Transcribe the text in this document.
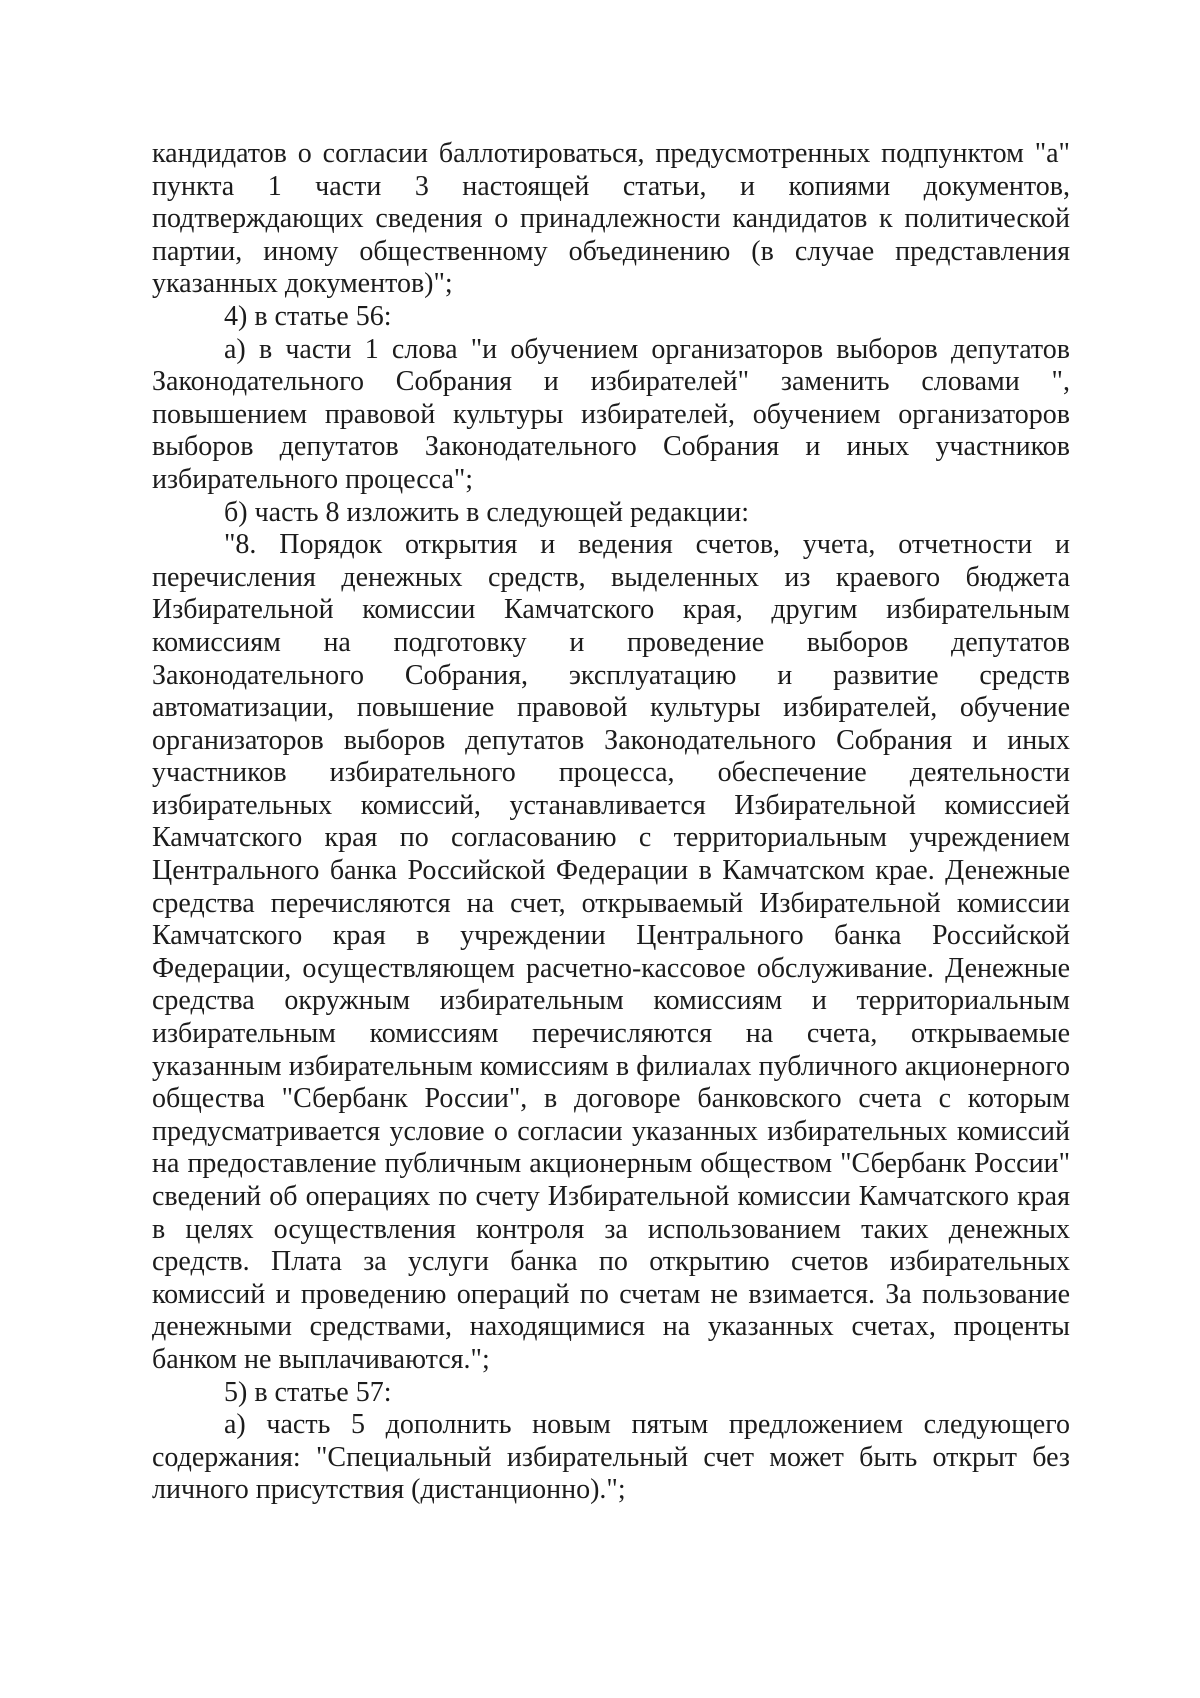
кандидатов о согласии баллотироваться, предусмотренных подпунктом "а" пункта 1 части 3 настоящей статьи, и копиями документов, подтверждающих сведения о принадлежности кандидатов к политической партии, иному общественному объединению (в случае представления указанных документов)";

4) в статье 56:

а) в части 1 слова "и обучением организаторов выборов депутатов Законодательного Собрания и избирателей" заменить словами ", повышением правовой культуры избирателей, обучением организаторов выборов депутатов Законодательного Собрания и иных участников избирательного процесса";

б) часть 8 изложить в следующей редакции:

"8. Порядок открытия и ведения счетов, учета, отчетности и перечисления денежных средств, выделенных из краевого бюджета Избирательной комиссии Камчатского края, другим избирательным комиссиям на подготовку и проведение выборов депутатов Законодательного Собрания, эксплуатацию и развитие средств автоматизации, повышение правовой культуры избирателей, обучение организаторов выборов депутатов Законодательного Собрания и иных участников избирательного процесса, обеспечение деятельности избирательных комиссий, устанавливается Избирательной комиссией Камчатского края по согласованию с территориальным учреждением Центрального банка Российской Федерации в Камчатском крае. Денежные средства перечисляются на счет, открываемый Избирательной комиссии Камчатского края в учреждении Центрального банка Российской Федерации, осуществляющем расчетно-кассовое обслуживание. Денежные средства окружным избирательным комиссиям и территориальным избирательным комиссиям перечисляются на счета, открываемые указанным избирательным комиссиям в филиалах публичного акционерного общества "Сбербанк России", в договоре банковского счета с которым предусматривается условие о согласии указанных избирательных комиссий на предоставление публичным акционерным обществом "Сбербанк России" сведений об операциях по счету Избирательной комиссии Камчатского края в целях осуществления контроля за использованием таких денежных средств. Плата за услуги банка по открытию счетов избирательных комиссий и проведению операций по счетам не взимается. За пользование денежными средствами, находящимися на указанных счетах, проценты банком не выплачиваются.";

5) в статье 57:

а) часть 5 дополнить новым пятым предложением следующего содержания: "Специальный избирательный счет может быть открыт без личного присутствия (дистанционно).";
